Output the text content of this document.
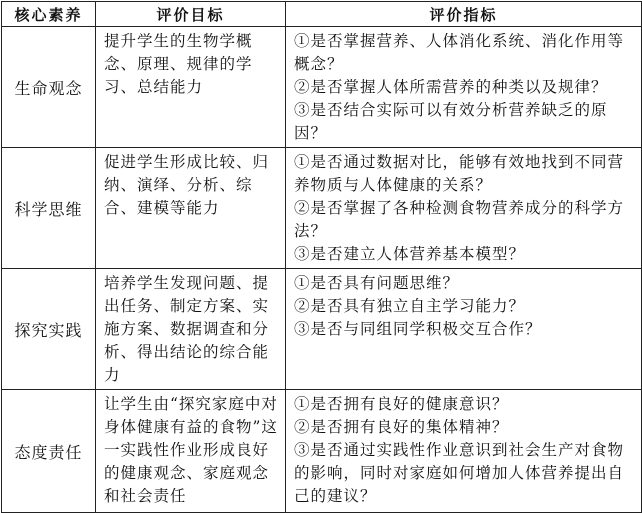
核心素养	评价目标	评价指标
生命观念	提升学生的生物学概念、原理、规律的学习、总结能力	①是否掌握营养、人体消化系统、消化作用等概念？
②是否掌握人体所需营养的种类以及规律？
③是否结合实际可以有效分析营养缺乏的原因？

科学思维	促进学生形成比较、归纳、演绎、分析、综合、建模等能力	①是否通过数据对比，能够有效地找到不同营养物质与人体健康的关系？
②是否掌握了各种检测食物营养成分的科学方法？
③是否建立人体营养基本模型？

探究实践	培养学生发现问题、提出任务、制定方案、实施方案、数据调查和分析、得出结论的综合能力	①是否具有问题思维？
②是否具有独立自主学习能力？
③是否与同组同学积极交互合作？

态度责任	让学生由“探究家庭中对身体健康有益的食物”这一实践性作业形成良好的健康观念、家庭观念和社会责任	①是否拥有良好的健康意识？
②是否拥有良好的集体精神？
③是否通过实践性作业意识到社会生产对食物的影响，同时对家庭如何增加人体营养提出自己的建议？
